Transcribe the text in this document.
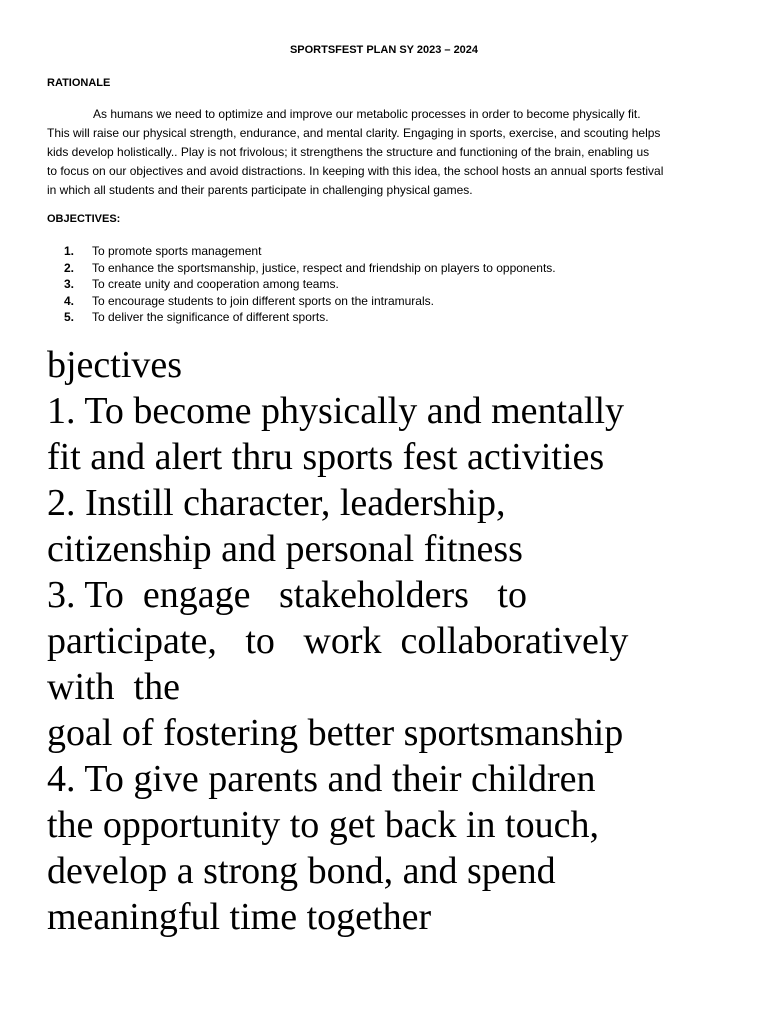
SPORTSFEST PLAN SY 2023 – 2024
RATIONALE
As humans we need to optimize and improve our metabolic processes in order to become physically fit.
This will raise our physical strength, endurance, and mental clarity. Engaging in sports, exercise, and scouting helps
kids develop holistically.. Play is not frivolous; it strengthens the structure and functioning of the brain, enabling us
to focus on our objectives and avoid distractions. In keeping with this idea, the school hosts an annual sports festival
in which all students and their parents participate in challenging physical games.
OBJECTIVES:
1. To promote sports management
2. To enhance the sportsmanship, justice, respect and friendship on players to opponents.
3. To create unity and cooperation among teams.
4. To encourage students to join different sports on the intramurals.
5. To deliver the significance of different sports.
bjectives
1. To become physically and mentally
fit and alert thru sports fest activities
2. Instill character, leadership,
citizenship and personal fitness
3. To  engage   stakeholders   to
participate,   to   work  collaboratively
with  the
goal of fostering better sportsmanship
4. To give parents and their children
the opportunity to get back in touch,
develop a strong bond, and spend
meaningful time together
